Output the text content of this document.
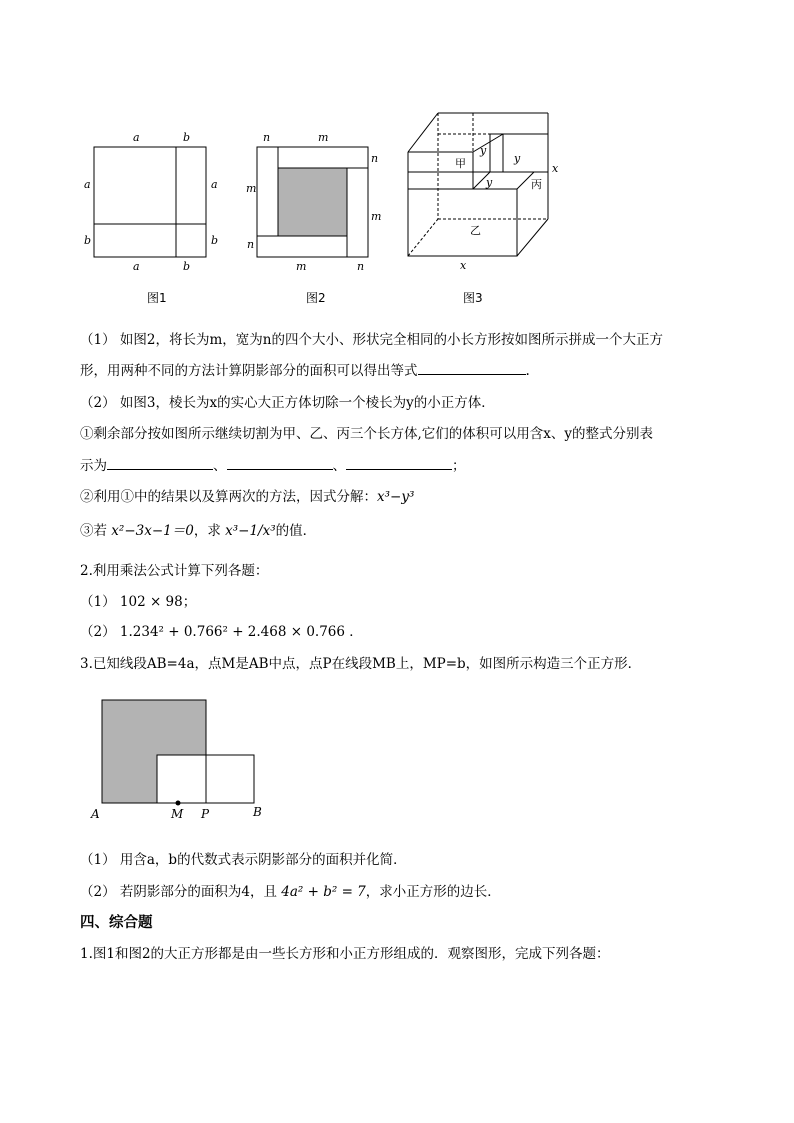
a	b
a
b
a
b
a	b
n	m
n
m
m
n
m	n
甲
y
y
y
x
丙
乙
x
图1	图2	图3
（1） 如图2，将长为m，宽为n的四个大小、形状完全相同的小长方形按如图所示拼成一个大正方
形，用两种不同的方法计算阴影部分的面积可以得出等式	.
（2） 如图3，棱长为x的实心大正方体切除一个棱长为y的小正方体．
①剩余部分按如图所示继续切割为甲、乙、丙三个长方体,它们的体积可以用含x、y的整式分别表
示为	、	、	；
②利用①中的结果以及算两次的方法，因式分解：x³−y³
③若 x²−3x−1＝0，求 x³−1/x³的值．
2.利用乘法公式计算下列各题：
（1） 102 × 98；
（2） 1.234² + 0.766² + 2.468 × 0.766 ．
3.已知线段AB=4a，点M是AB中点，点P在线段MB上，MP=b，如图所示构造三个正方形．
A	M P	B
（1） 用含a，b的代数式表示阴影部分的面积并化简．
（2） 若阴影部分的面积为4，且 4a² + b² = 7，求小正方形的边长．
四、综合题
1.图1和图2的大正方形都是由一些长方形和小正方形组成的．观察图形，完成下列各题：
